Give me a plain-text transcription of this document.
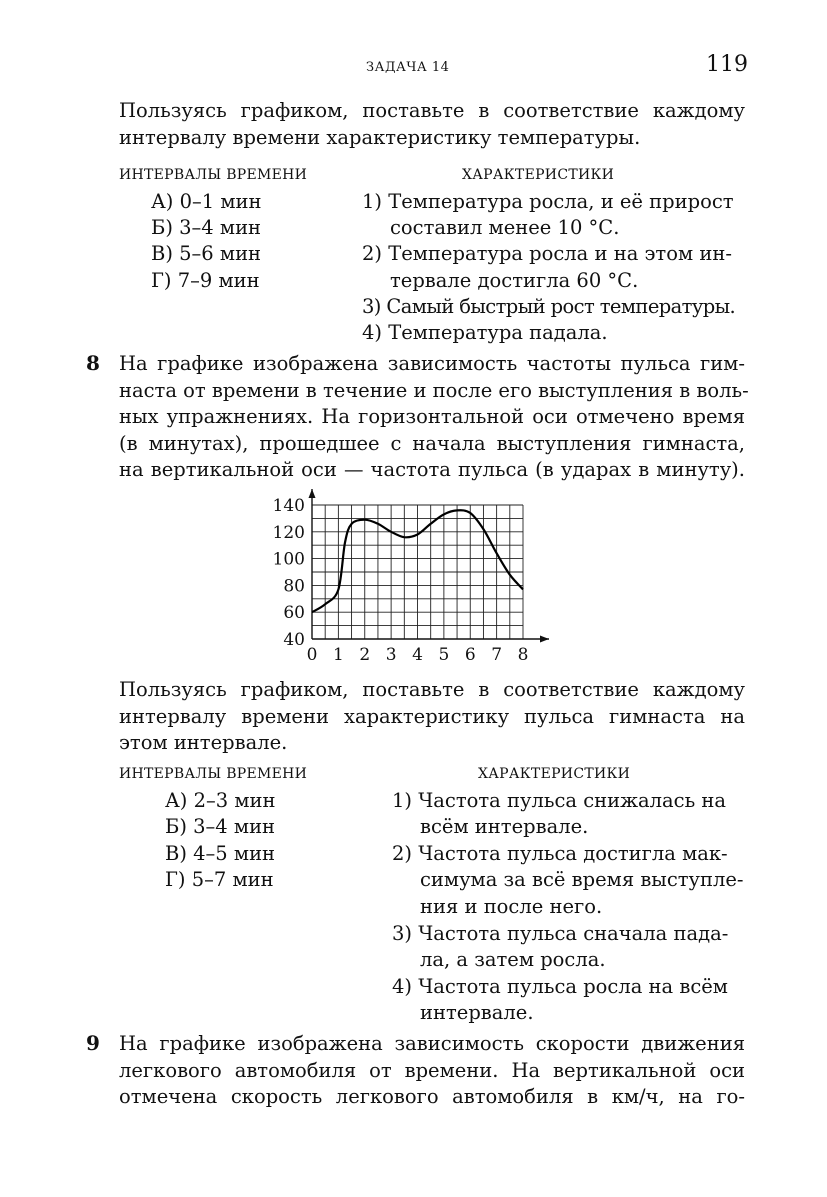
ЗАДАЧА 14	119
Пользуясь графиком, поставьте в соответствие каждому
интервалу времени характеристику температуры.
ИНТЕРВАЛЫ ВРЕМЕНИ	ХАРАКТЕРИСТИКИ
А) 0–1 мин
Б) 3–4 мин
В) 5–6 мин
Г) 7–9 мин
1) Температура росла, и её прирост
составил менее 10 °С.
2) Температура росла и на этом ин-
тервале достигла 60 °С.
3) Самый быстрый рост температуры.
4) Температура падала.
8 На графике изображена зависимость частоты пульса гим-
наста от времени в течение и после его выступления в воль-
ных упражнениях. На горизонтальной оси отмечено время
(в минутах), прошедшее с начала выступления гимнаста,
на вертикальной оси — частота пульса (в ударах в минуту).
0 1 2 3 4 5 6 7 8
40
60
80
100
120
140
Пользуясь графиком, поставьте в соответствие каждому
интервалу времени характеристику пульса гимнаста на
этом интервале.
ИНТЕРВАЛЫ ВРЕМЕНИ	ХАРАКТЕРИСТИКИ
А) 2–3 мин
Б) 3–4 мин
В) 4–5 мин
Г) 5–7 мин
1) Частота пульса снижалась на
всём интервале.
2) Частота пульса достигла мак-
симума за всё время выступле-
ния и после него.
3) Частота пульса сначала пада-
ла, а затем росла.
4) Частота пульса росла на всём
интервале.
9 На графике изображена зависимость скорости движения
легкового автомобиля от времени. На вертикальной оси
отмечена скорость легкового автомобиля в км/ч, на го-
